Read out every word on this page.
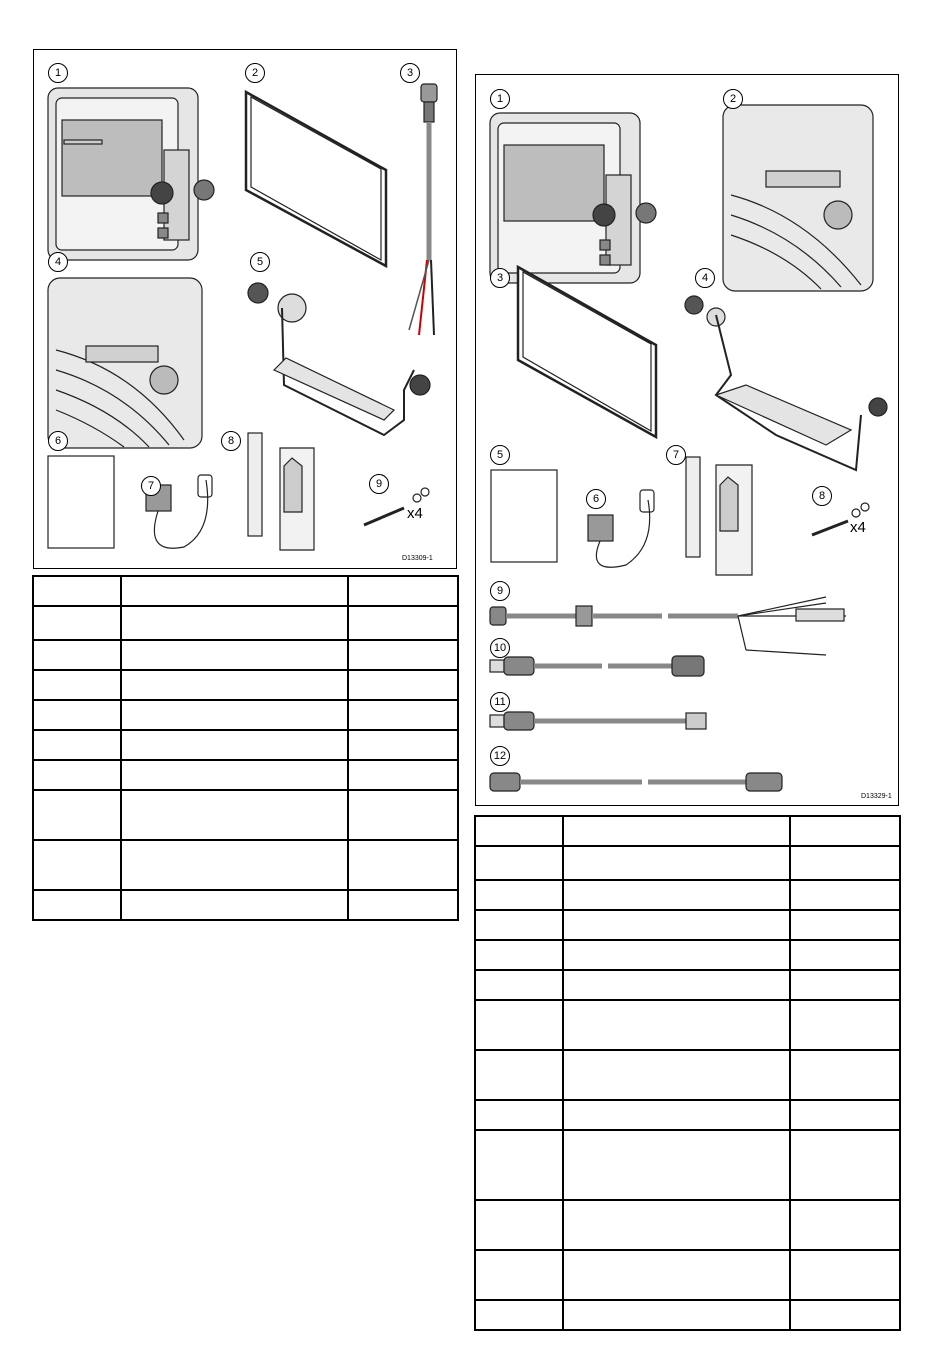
1	2	3
4	5
6
7
8
9
x4
D13309-1

1	2
3	4
5
6
7
8
9
10
11
12
x4
D13329-1
